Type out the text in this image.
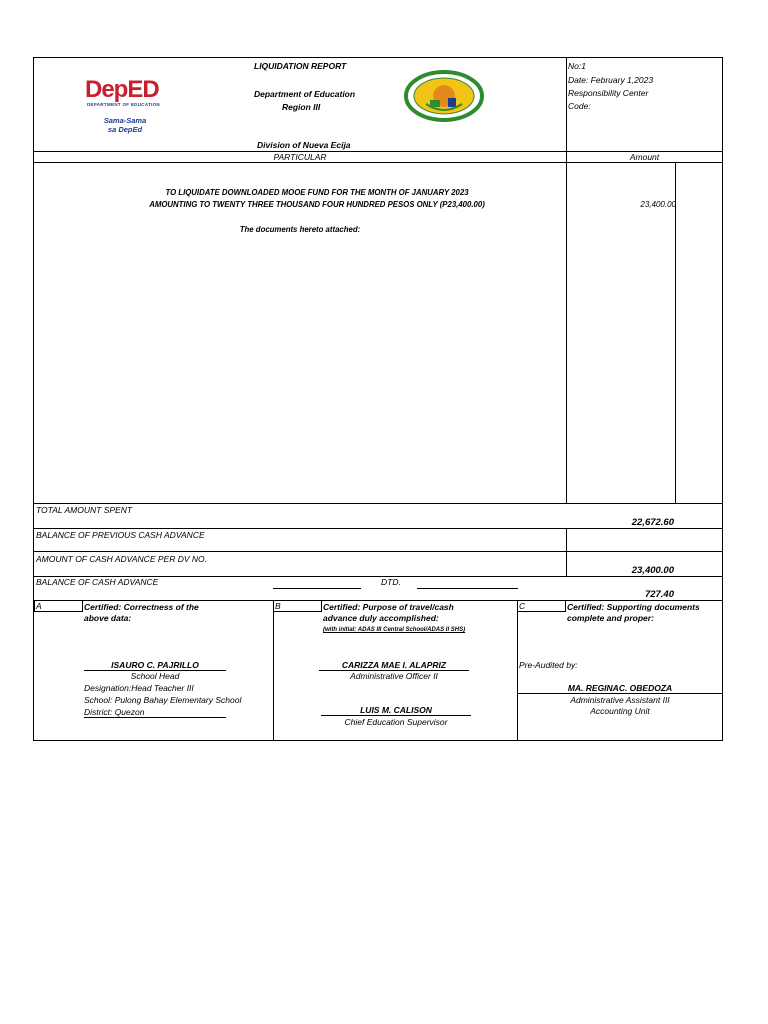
DepED
DEPARTMENT OF EDUCATION
Sama-Sama
sa DepEd
LIQUIDATION REPORT
Department of Education
Region III
Division of Nueva Ecija
No:1
Date: February 1,2023
Responsibility Center
Code:
PARTICULAR	Amount
TO LIQUIDATE DOWNLOADED MOOE FUND FOR THE MONTH OF JANUARY 2023
AMOUNTING TO TWENTY THREE THOUSAND FOUR HUNDRED PESOS ONLY (P23,400.00)
The documents hereto attached:
23,400.00
TOTAL AMOUNT SPENT
22,672.60
BALANCE OF PREVIOUS CASH ADVANCE
AMOUNT OF CASH ADVANCE PER DV NO.
23,400.00
BALANCE OF CASH ADVANCE	DTD.
727.40
A	Certified: Correctness of the
above data:
ISAURO C. PAJRILLO
School Head
Designation:Head Teacher III
School: Pulong Bahay Elementary School
District: Quezon
B	Certified: Purpose of travel/cash
advance duly accomplished:
(with initial: ADAS III Central School/ADAS II SHS)
CARIZZA MAE I. ALAPRIZ
Administrative Officer II
LUIS M. CALISON
Chief Education Supervisor
C	Certified: Supporting documents
complete and proper:
Pre-Audited by:
MA. REGINAC. OBEDOZA
Administrative Assistant III
Accounting Unit
